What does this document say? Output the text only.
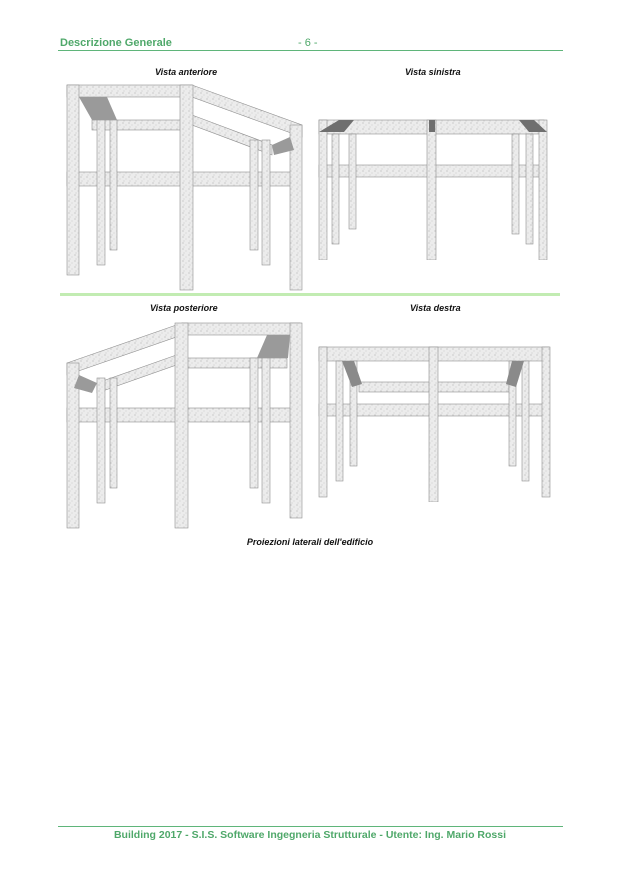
Descrizione Generale	- 6 -
Vista anteriore	Vista sinistra
Vista posteriore	Vista destra
Proiezioni laterali dell'edificio
Building 2017 - S.I.S. Software Ingegneria Strutturale - Utente: Ing. Mario Rossi
